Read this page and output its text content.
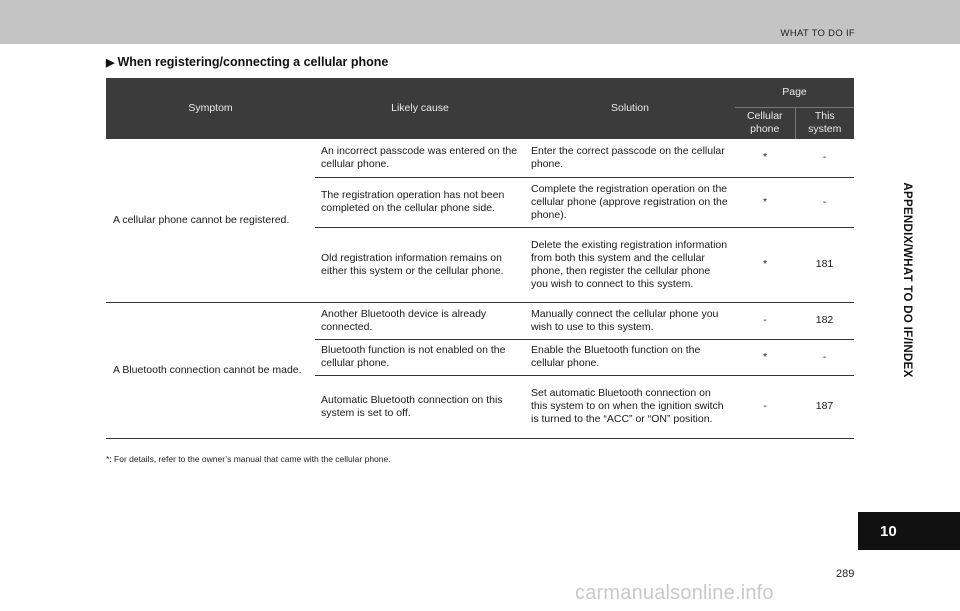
WHAT TO DO IF
▶ When registering/connecting a cellular phone
Symptom	Likely cause	Solution	Page	
			Cellular phone	This system
A cellular phone cannot be registered.	An incorrect passcode was entered on the cellular phone.	Enter the correct passcode on the cellular phone.	*	-
	The registration operation has not been completed on the cellular phone side.	Complete the registration operation on the cellular phone (approve registration on the phone).	*	-
	Old registration information remains on either this system or the cellular phone.	Delete the existing registration information from both this system and the cellular phone, then register the cellular phone you wish to connect to this system.	*	181
A Bluetooth connection cannot be made.	Another Bluetooth device is already connected.	Manually connect the cellular phone you wish to use to this system.	-	182
	Bluetooth function is not enabled on the cellular phone.	Enable the Bluetooth function on the cellular phone.	*	-
	Automatic Bluetooth connection on this system is set to off.	Set automatic Bluetooth connection on this system to on when the ignition switch is turned to the “ACC” or “ON” position.	-	187
*: For details, refer to the owner’s manual that came with the cellular phone.
APPENDIX/WHAT TO DO IF/INDEX
10
289
carmanualsonline.info
